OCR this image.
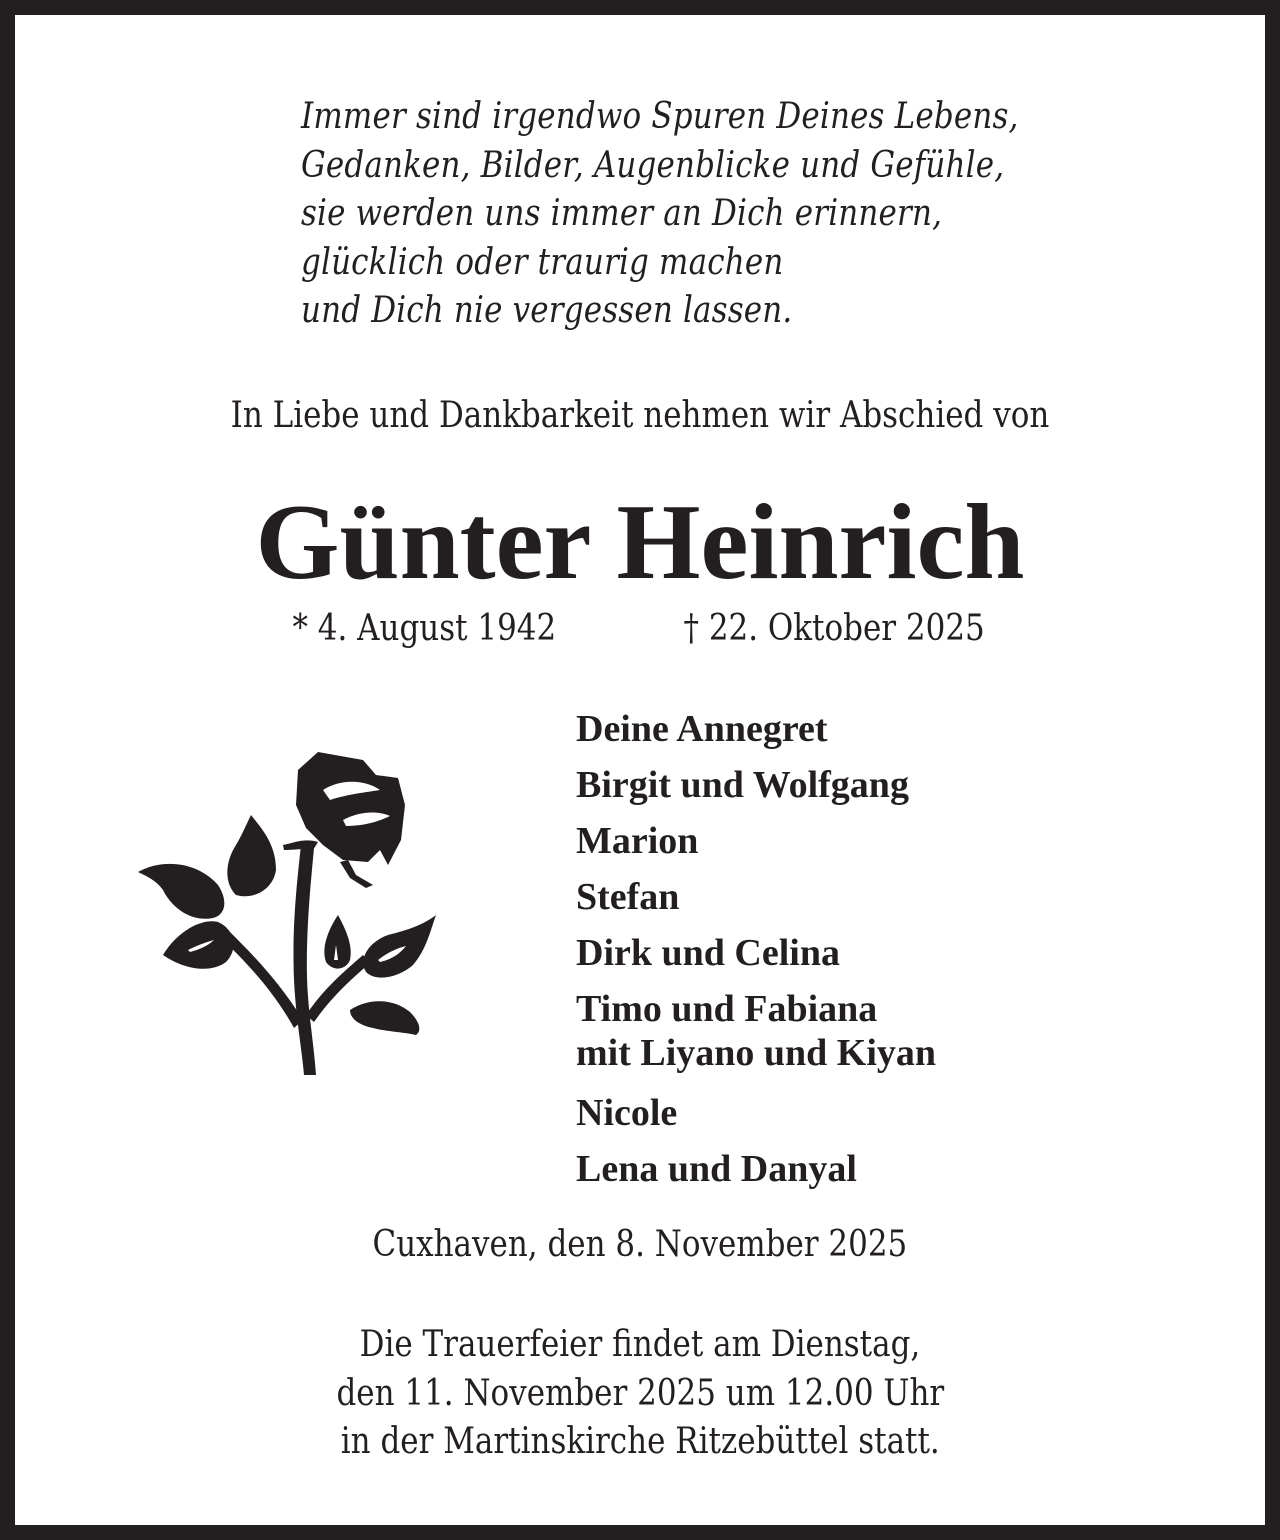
Immer sind irgendwo Spuren Deines Lebens,
Gedanken, Bilder, Augenblicke und Gefühle,
sie werden uns immer an Dich erinnern,
glücklich oder traurig machen
und Dich nie vergessen lassen.
In Liebe und Dankbarkeit nehmen wir Abschied von
Günter Heinrich
* 4. August 1942	† 22. Oktober 2025
Deine Annegret
Birgit und Wolfgang
Marion
Stefan
Dirk und Celina
Timo und Fabiana
mit Liyano und Kiyan
Nicole
Lena und Danyal
Cuxhaven, den 8. November 2025
Die Trauerfeier findet am Dienstag,
den 11. November 2025 um 12.00 Uhr
in der Martinskirche Ritzebüttel statt.
